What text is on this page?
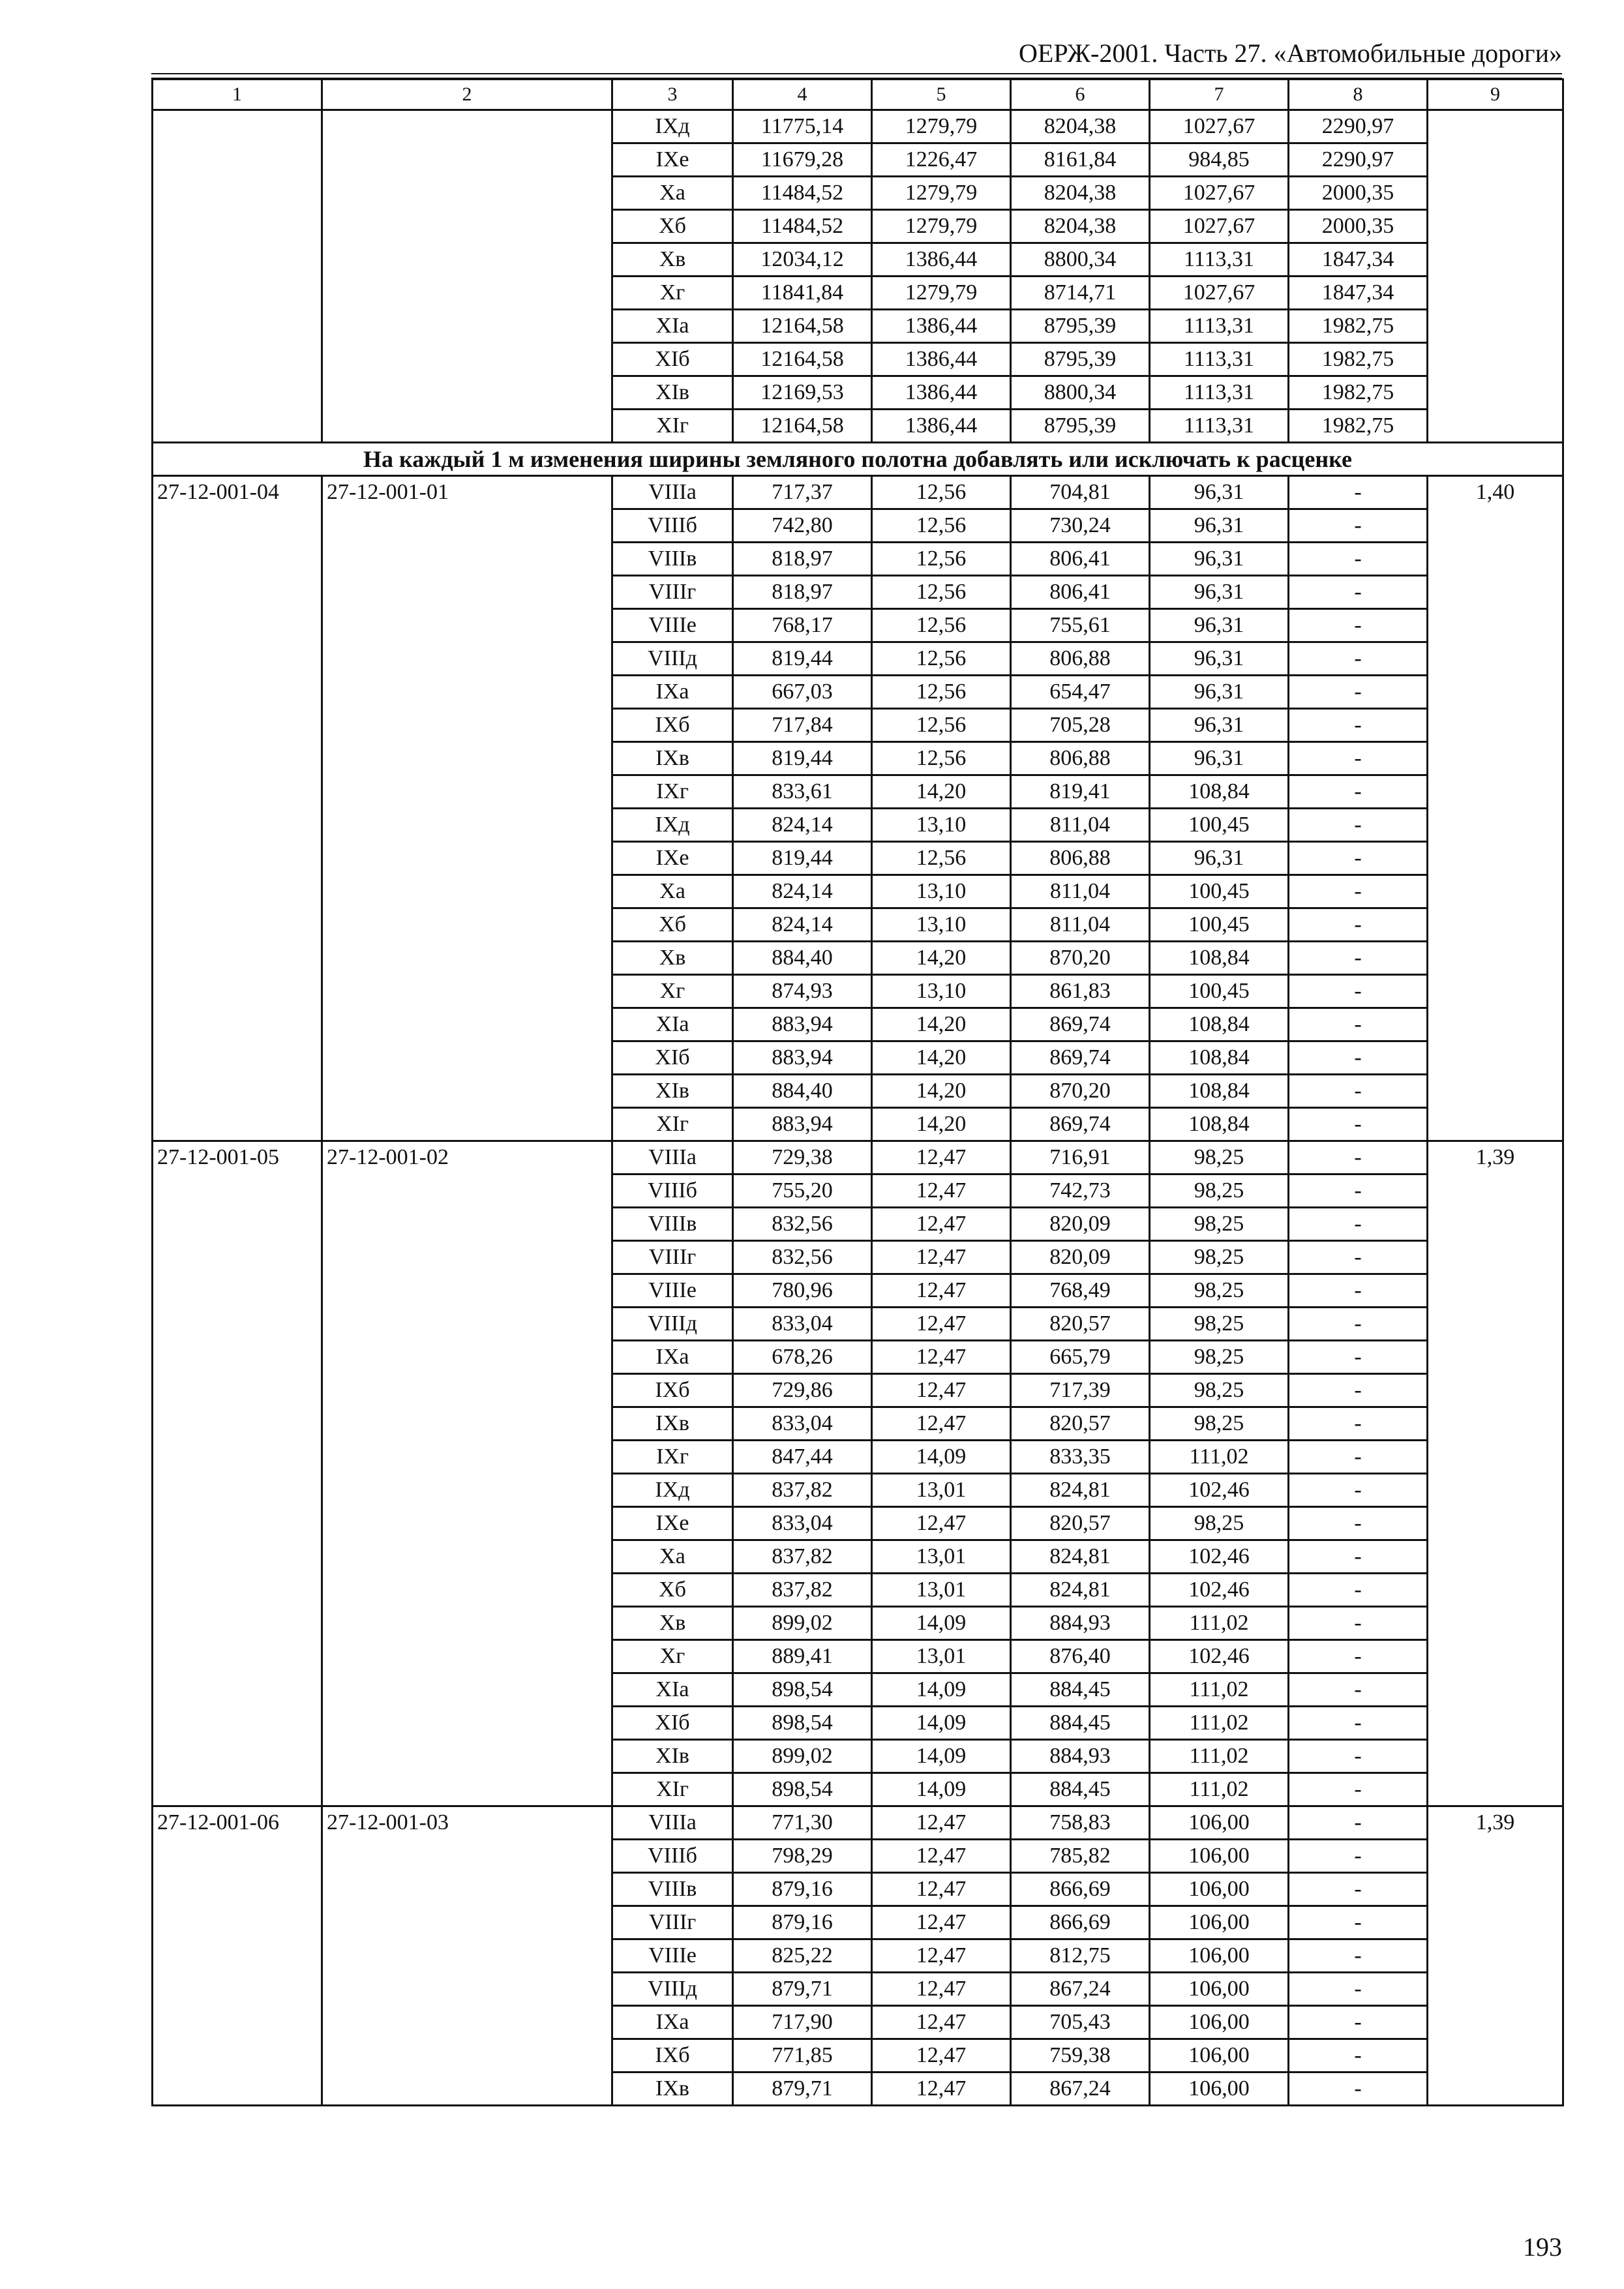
ОЕРЖ-2001. Часть 27. «Автомобильные дороги»
1	2	3	4	5	6	7	8	9
		IXд	11775,14	1279,79	8204,38	1027,67	2290,97	
		IXе	11679,28	1226,47	8161,84	984,85	2290,97	
		Xа	11484,52	1279,79	8204,38	1027,67	2000,35	
		Xб	11484,52	1279,79	8204,38	1027,67	2000,35	
		Xв	12034,12	1386,44	8800,34	1113,31	1847,34	
		Xг	11841,84	1279,79	8714,71	1027,67	1847,34	
		XIа	12164,58	1386,44	8795,39	1113,31	1982,75	
		XIб	12164,58	1386,44	8795,39	1113,31	1982,75	
		XIв	12169,53	1386,44	8800,34	1113,31	1982,75	
		XIг	12164,58	1386,44	8795,39	1113,31	1982,75	
На каждый 1 м изменения ширины земляного полотна добавлять или исключать к расценке								
27-12-001-04	27-12-001-01	VIIIа	717,37	12,56	704,81	96,31	-	1,40
		VIIIб	742,80	12,56	730,24	96,31	-	
		VIIIв	818,97	12,56	806,41	96,31	-	
		VIIIг	818,97	12,56	806,41	96,31	-	
		VIIIе	768,17	12,56	755,61	96,31	-	
		VIIIд	819,44	12,56	806,88	96,31	-	
		IXа	667,03	12,56	654,47	96,31	-	
		IXб	717,84	12,56	705,28	96,31	-	
		IXв	819,44	12,56	806,88	96,31	-	
		IXг	833,61	14,20	819,41	108,84	-	
		IXд	824,14	13,10	811,04	100,45	-	
		IXе	819,44	12,56	806,88	96,31	-	
		Xа	824,14	13,10	811,04	100,45	-	
		Xб	824,14	13,10	811,04	100,45	-	
		Xв	884,40	14,20	870,20	108,84	-	
		Xг	874,93	13,10	861,83	100,45	-	
		XIа	883,94	14,20	869,74	108,84	-	
		XIб	883,94	14,20	869,74	108,84	-	
		XIв	884,40	14,20	870,20	108,84	-	
		XIг	883,94	14,20	869,74	108,84	-	
27-12-001-05	27-12-001-02	VIIIа	729,38	12,47	716,91	98,25	-	1,39
		VIIIб	755,20	12,47	742,73	98,25	-	
		VIIIв	832,56	12,47	820,09	98,25	-	
		VIIIг	832,56	12,47	820,09	98,25	-	
		VIIIе	780,96	12,47	768,49	98,25	-	
		VIIIд	833,04	12,47	820,57	98,25	-	
		IXа	678,26	12,47	665,79	98,25	-	
		IXб	729,86	12,47	717,39	98,25	-	
		IXв	833,04	12,47	820,57	98,25	-	
		IXг	847,44	14,09	833,35	111,02	-	
		IXд	837,82	13,01	824,81	102,46	-	
		IXе	833,04	12,47	820,57	98,25	-	
		Xа	837,82	13,01	824,81	102,46	-	
		Xб	837,82	13,01	824,81	102,46	-	
		Xв	899,02	14,09	884,93	111,02	-	
		Xг	889,41	13,01	876,40	102,46	-	
		XIа	898,54	14,09	884,45	111,02	-	
		XIб	898,54	14,09	884,45	111,02	-	
		XIв	899,02	14,09	884,93	111,02	-	
		XIг	898,54	14,09	884,45	111,02	-	
27-12-001-06	27-12-001-03	VIIIа	771,30	12,47	758,83	106,00	-	1,39
		VIIIб	798,29	12,47	785,82	106,00	-	
		VIIIв	879,16	12,47	866,69	106,00	-	
		VIIIг	879,16	12,47	866,69	106,00	-	
		VIIIе	825,22	12,47	812,75	106,00	-	
		VIIIд	879,71	12,47	867,24	106,00	-	
		IXа	717,90	12,47	705,43	106,00	-	
		IXб	771,85	12,47	759,38	106,00	-	
		IXв	879,71	12,47	867,24	106,00	-	
193
